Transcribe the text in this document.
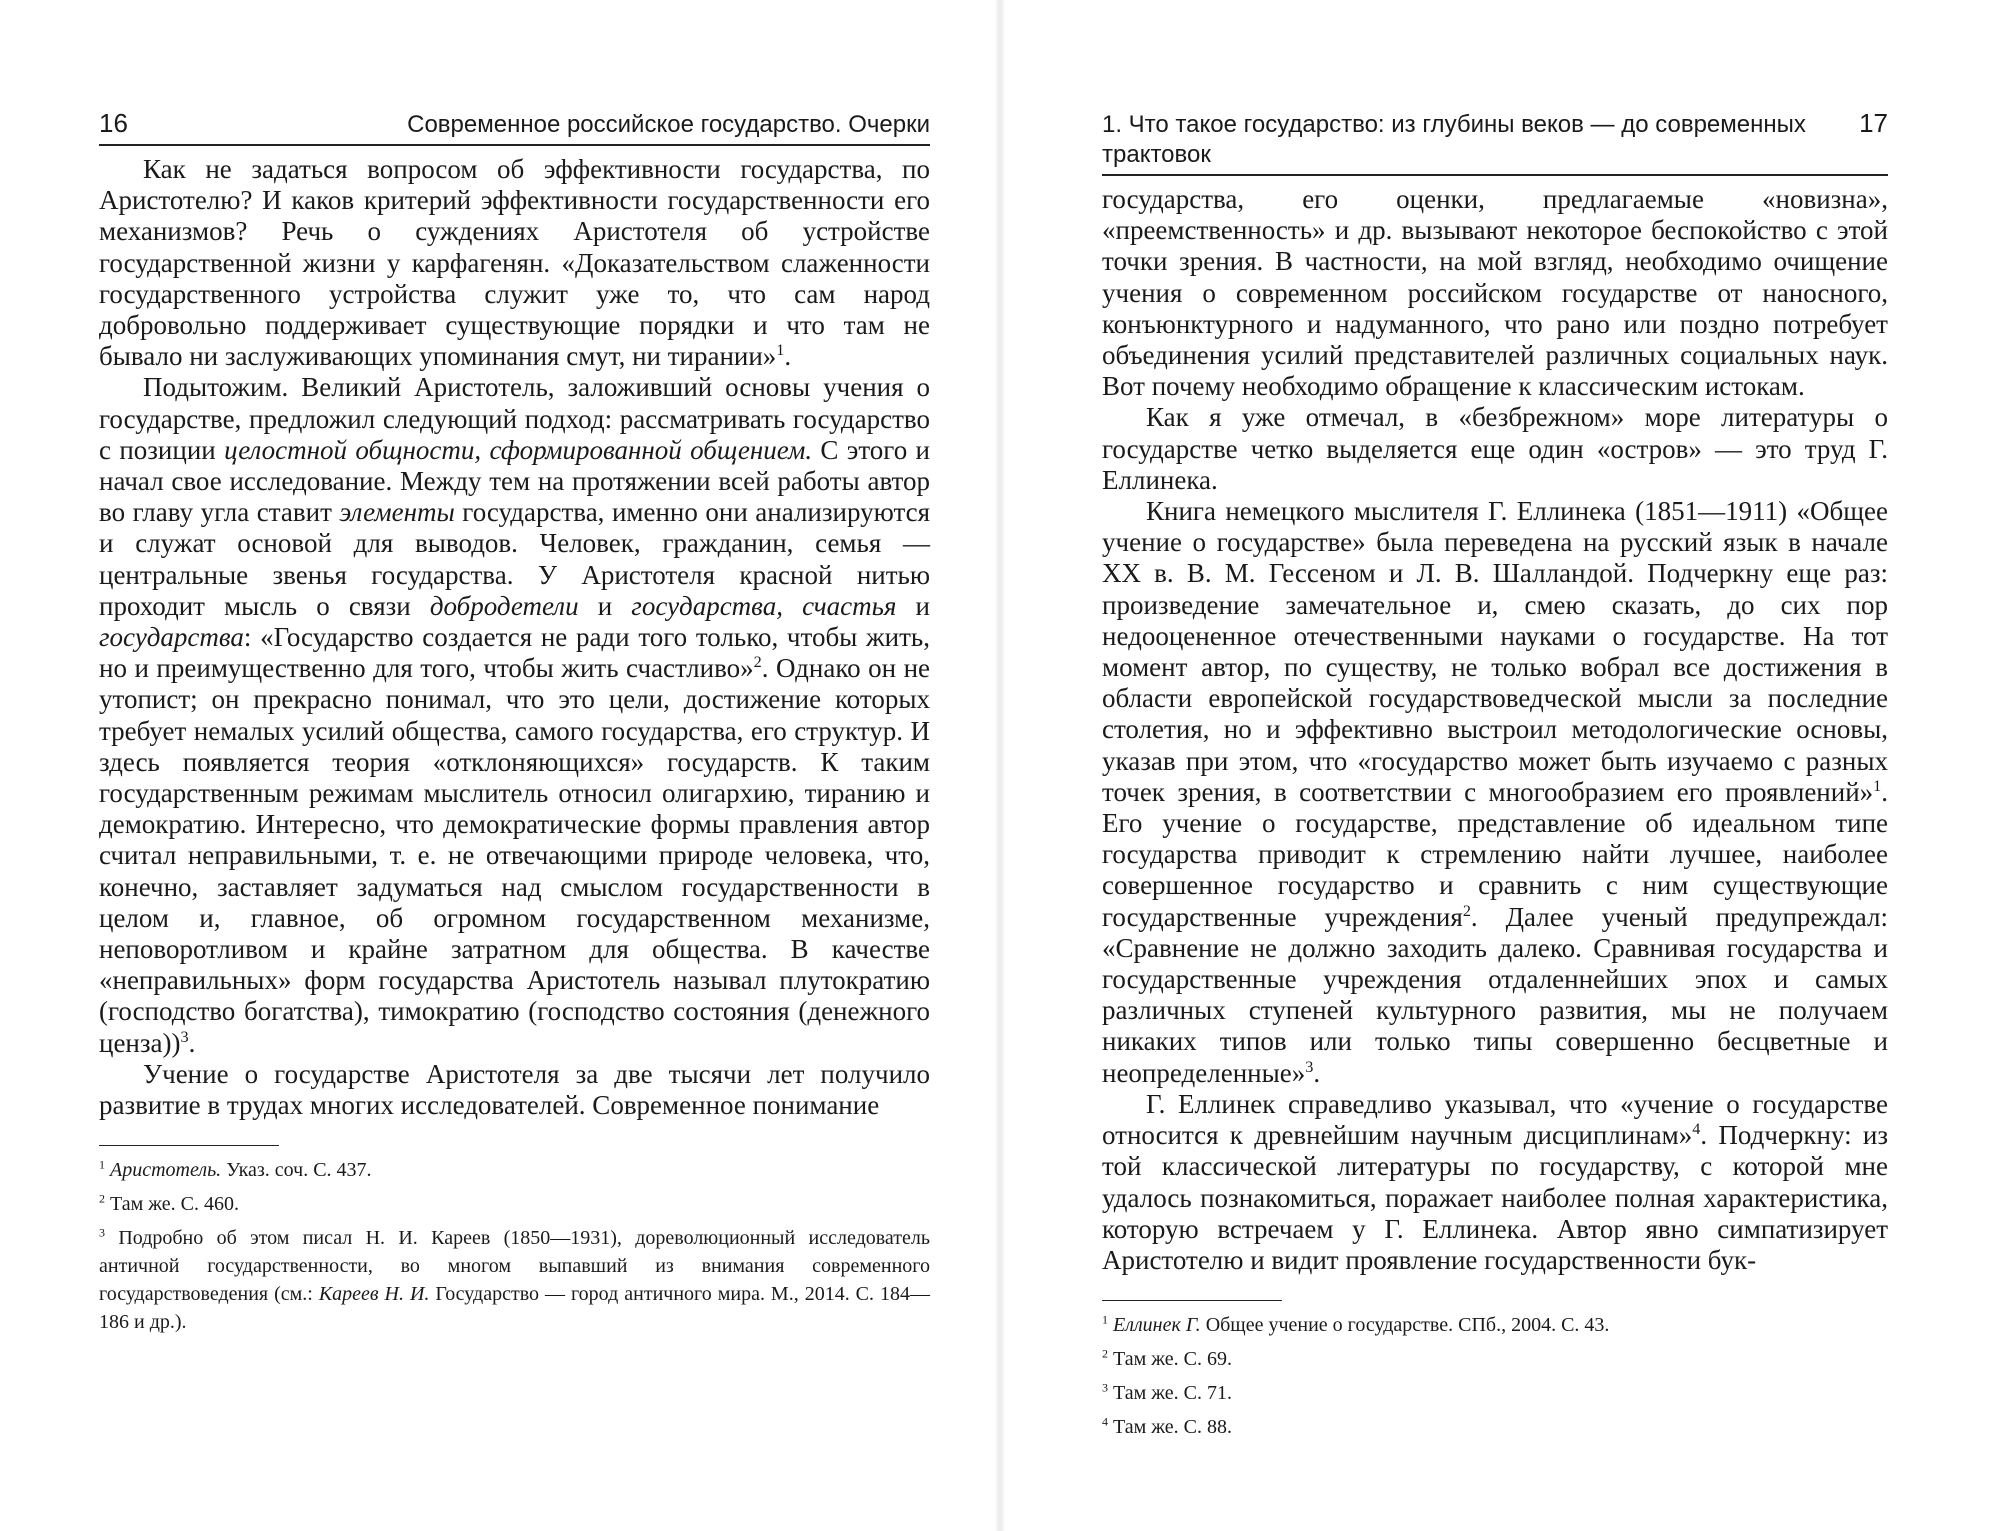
16	Современное российское государство. Очерки

Как не задаться вопросом об эффективности государства, по Аристотелю? И каков критерий эффективности государственности его механизмов? Речь о суждениях Аристотеля об устройстве государственной жизни у карфагенян. «Доказательством слаженности государственного устройства служит уже то, что сам народ добровольно поддерживает существующие порядки и что там не бывало ни заслуживающих упоминания смут, ни тирании»$^1$.

Подытожим. Великий Аристотель, заложивший основы учения о государстве, предложил следующий подход: рассматривать государство с позиции целостной общности, сформированной общением. С этого и начал свое исследование. Между тем на протяжении всей работы автор во главу угла ставит элементы государства, именно они анализируются и служат основой для выводов. Человек, гражданин, семья — центральные звенья государства. У Аристотеля красной нитью проходит мысль о связи добродетели и государства, счастья и государства: «Государство создается не ради того только, чтобы жить, но и преимущественно для того, чтобы жить счастливо»$^2$. Однако он не утопист; он прекрасно понимал, что это цели, достижение которых требует немалых усилий общества, самого государства, его структур. И здесь появляется теория «отклоняющихся» государств. К таким государственным режимам мыслитель относил олигархию, тиранию и демократию. Интересно, что демократические формы правления автор считал неправильными, т. е. не отвечающими природе человека, что, конечно, заставляет задуматься над смыслом государственности в целом и, главное, об огромном государственном механизме, неповоротливом и крайне затратном для общества. В качестве «неправильных» форм государства Аристотель называл плутократию (господство богатства), тимократию (господство состояния (денежного ценза))$^3$.

Учение о государстве Аристотеля за две тысячи лет получило развитие в трудах многих исследователей. Современное понимание

$^1$ Аристотель. Указ. соч. С. 437.

$^2$ Там же. С. 460.

$^3$ Подробно об этом писал Н. И. Кареев (1850—1931), дореволюционный исследователь античной государственности, во многом выпавший из внимания современного государствоведения (см.: Кареев Н. И. Государство — город античного мира. М., 2014. С. 184—186 и др.).

1. Что такое государство: из глубины веков — до современных трактовок
17

государства, его оценки, предлагаемые «новизна», «преемственность» и др. вызывают некоторое беспокойство с этой точки зрения. В частности, на мой взгляд, необходимо очищение учения о современном российском государстве от наносного, конъюнктурного и надуманного, что рано или поздно потребует объединения усилий представителей различных социальных наук. Вот почему необходимо обращение к классическим истокам.

Как я уже отмечал, в «безбрежном» море литературы о государстве четко выделяется еще один «остров» — это труд Г. Еллинека.

Книга немецкого мыслителя Г. Еллинека (1851—1911) «Общее учение о государстве» была переведена на русский язык в начале XX в. В. М. Гессеном и Л. В. Шалландой. Подчеркну еще раз: произведение замечательное и, смею сказать, до сих пор недооцененное отечественными науками о государстве. На тот момент автор, по существу, не только вобрал все достижения в области европейской государствоведческой мысли за последние столетия, но и эффективно выстроил методологические основы, указав при этом, что «государство может быть изучаемо с разных точек зрения, в соответствии с многообразием его проявлений»$^1$. Его учение о государстве, представление об идеальном типе государства приводит к стремлению найти лучшее, наиболее совершенное государство и сравнить с ним существующие государственные учреждения$^2$. Далее ученый предупреждал: «Сравнение не должно заходить далеко. Сравнивая государства и государственные учреждения отдаленнейших эпох и самых различных ступеней культурного развития, мы не получаем никаких типов или только типы совершенно бесцветные и неопределенные»$^3$.

Г. Еллинек справедливо указывал, что «учение о государстве относится к древнейшим научным дисциплинам»$^4$. Подчеркну: из той классической литературы по государству, с которой мне удалось познакомиться, поражает наиболее полная характеристика, которую встречаем у Г. Еллинека. Автор явно симпатизирует Аристотелю и видит проявление государственности бук-

$^1$ Еллинек Г. Общее учение о государстве. СПб., 2004. С. 43.

$^2$ Там же. С. 69.

$^3$ Там же. С. 71.

$^4$ Там же. С. 88.
